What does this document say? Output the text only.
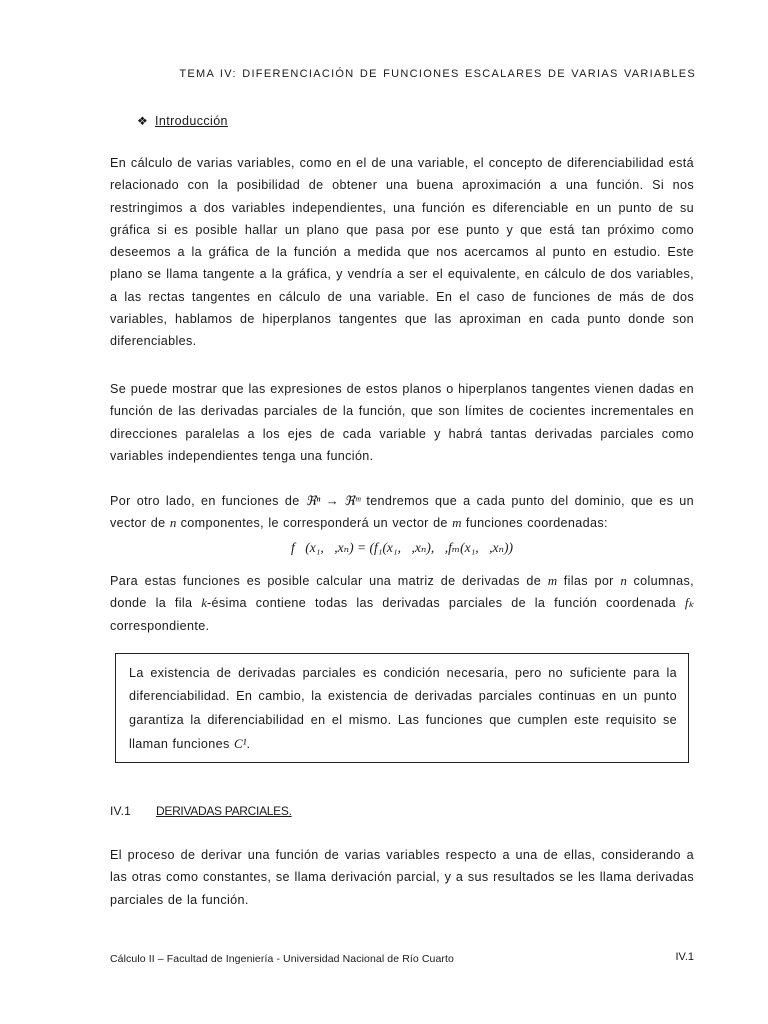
TEMA IV: DIFERENCIACIÓN DE FUNCIONES ESCALARES DE VARIAS VARIABLES
❖ Introducción

En cálculo de varias variables, como en el de una variable, el concepto de diferenciabilidad está relacionado con la posibilidad de obtener una buena aproximación a una función. Si nos restringimos a dos variables independientes, una función es diferenciable en un punto de su gráfica si es posible hallar un plano que pasa por ese punto y que está tan próximo como deseemos a la gráfica de la función a medida que nos acercamos al punto en estudio. Este plano se llama tangente a la gráfica, y vendría a ser el equivalente, en cálculo de dos variables, a las rectas tangentes en cálculo de una variable. En el caso de funciones de más de dos variables, hablamos de hiperplanos tangentes que las aproximan en cada punto donde son diferenciables.

Se puede mostrar que las expresiones de estos planos o hiperplanos tangentes vienen dadas en función de las derivadas parciales de la función, que son límites de cocientes incrementales en direcciones paralelas a los ejes de cada variable y habrá tantas derivadas parciales como variables independientes tenga una función.

Por otro lado, en funciones de ℜⁿ → ℜᵐ tendremos que a cada punto del dominio, que es un vector de n componentes, le corresponderá un vector de m funciones coordenadas:

f⃗(x₁,⋯,xₙ) = (f₁(x₁,⋯,xₙ),⋯,fₘ(x₁,⋯,xₙ))

Para estas funciones es posible calcular una matriz de derivadas de m filas por n columnas, donde la fila k-ésima contiene todas las derivadas parciales de la función coordenada fₖ correspondiente.

La existencia de derivadas parciales es condición necesaria, pero no suficiente para la diferenciabilidad. En cambio, la existencia de derivadas parciales continuas en un punto garantiza la diferenciabilidad en el mismo. Las funciones que cumplen este requisito se llaman funciones C¹.

IV.1 DERIVADAS PARCIALES.

El proceso de derivar una función de varias variables respecto a una de ellas, considerando a las otras como constantes, se llama derivación parcial, y a sus resultados se les llama derivadas parciales de la función.

Cálculo II – Facultad de Ingeniería - Universidad Nacional de Río Cuarto	IV.1
